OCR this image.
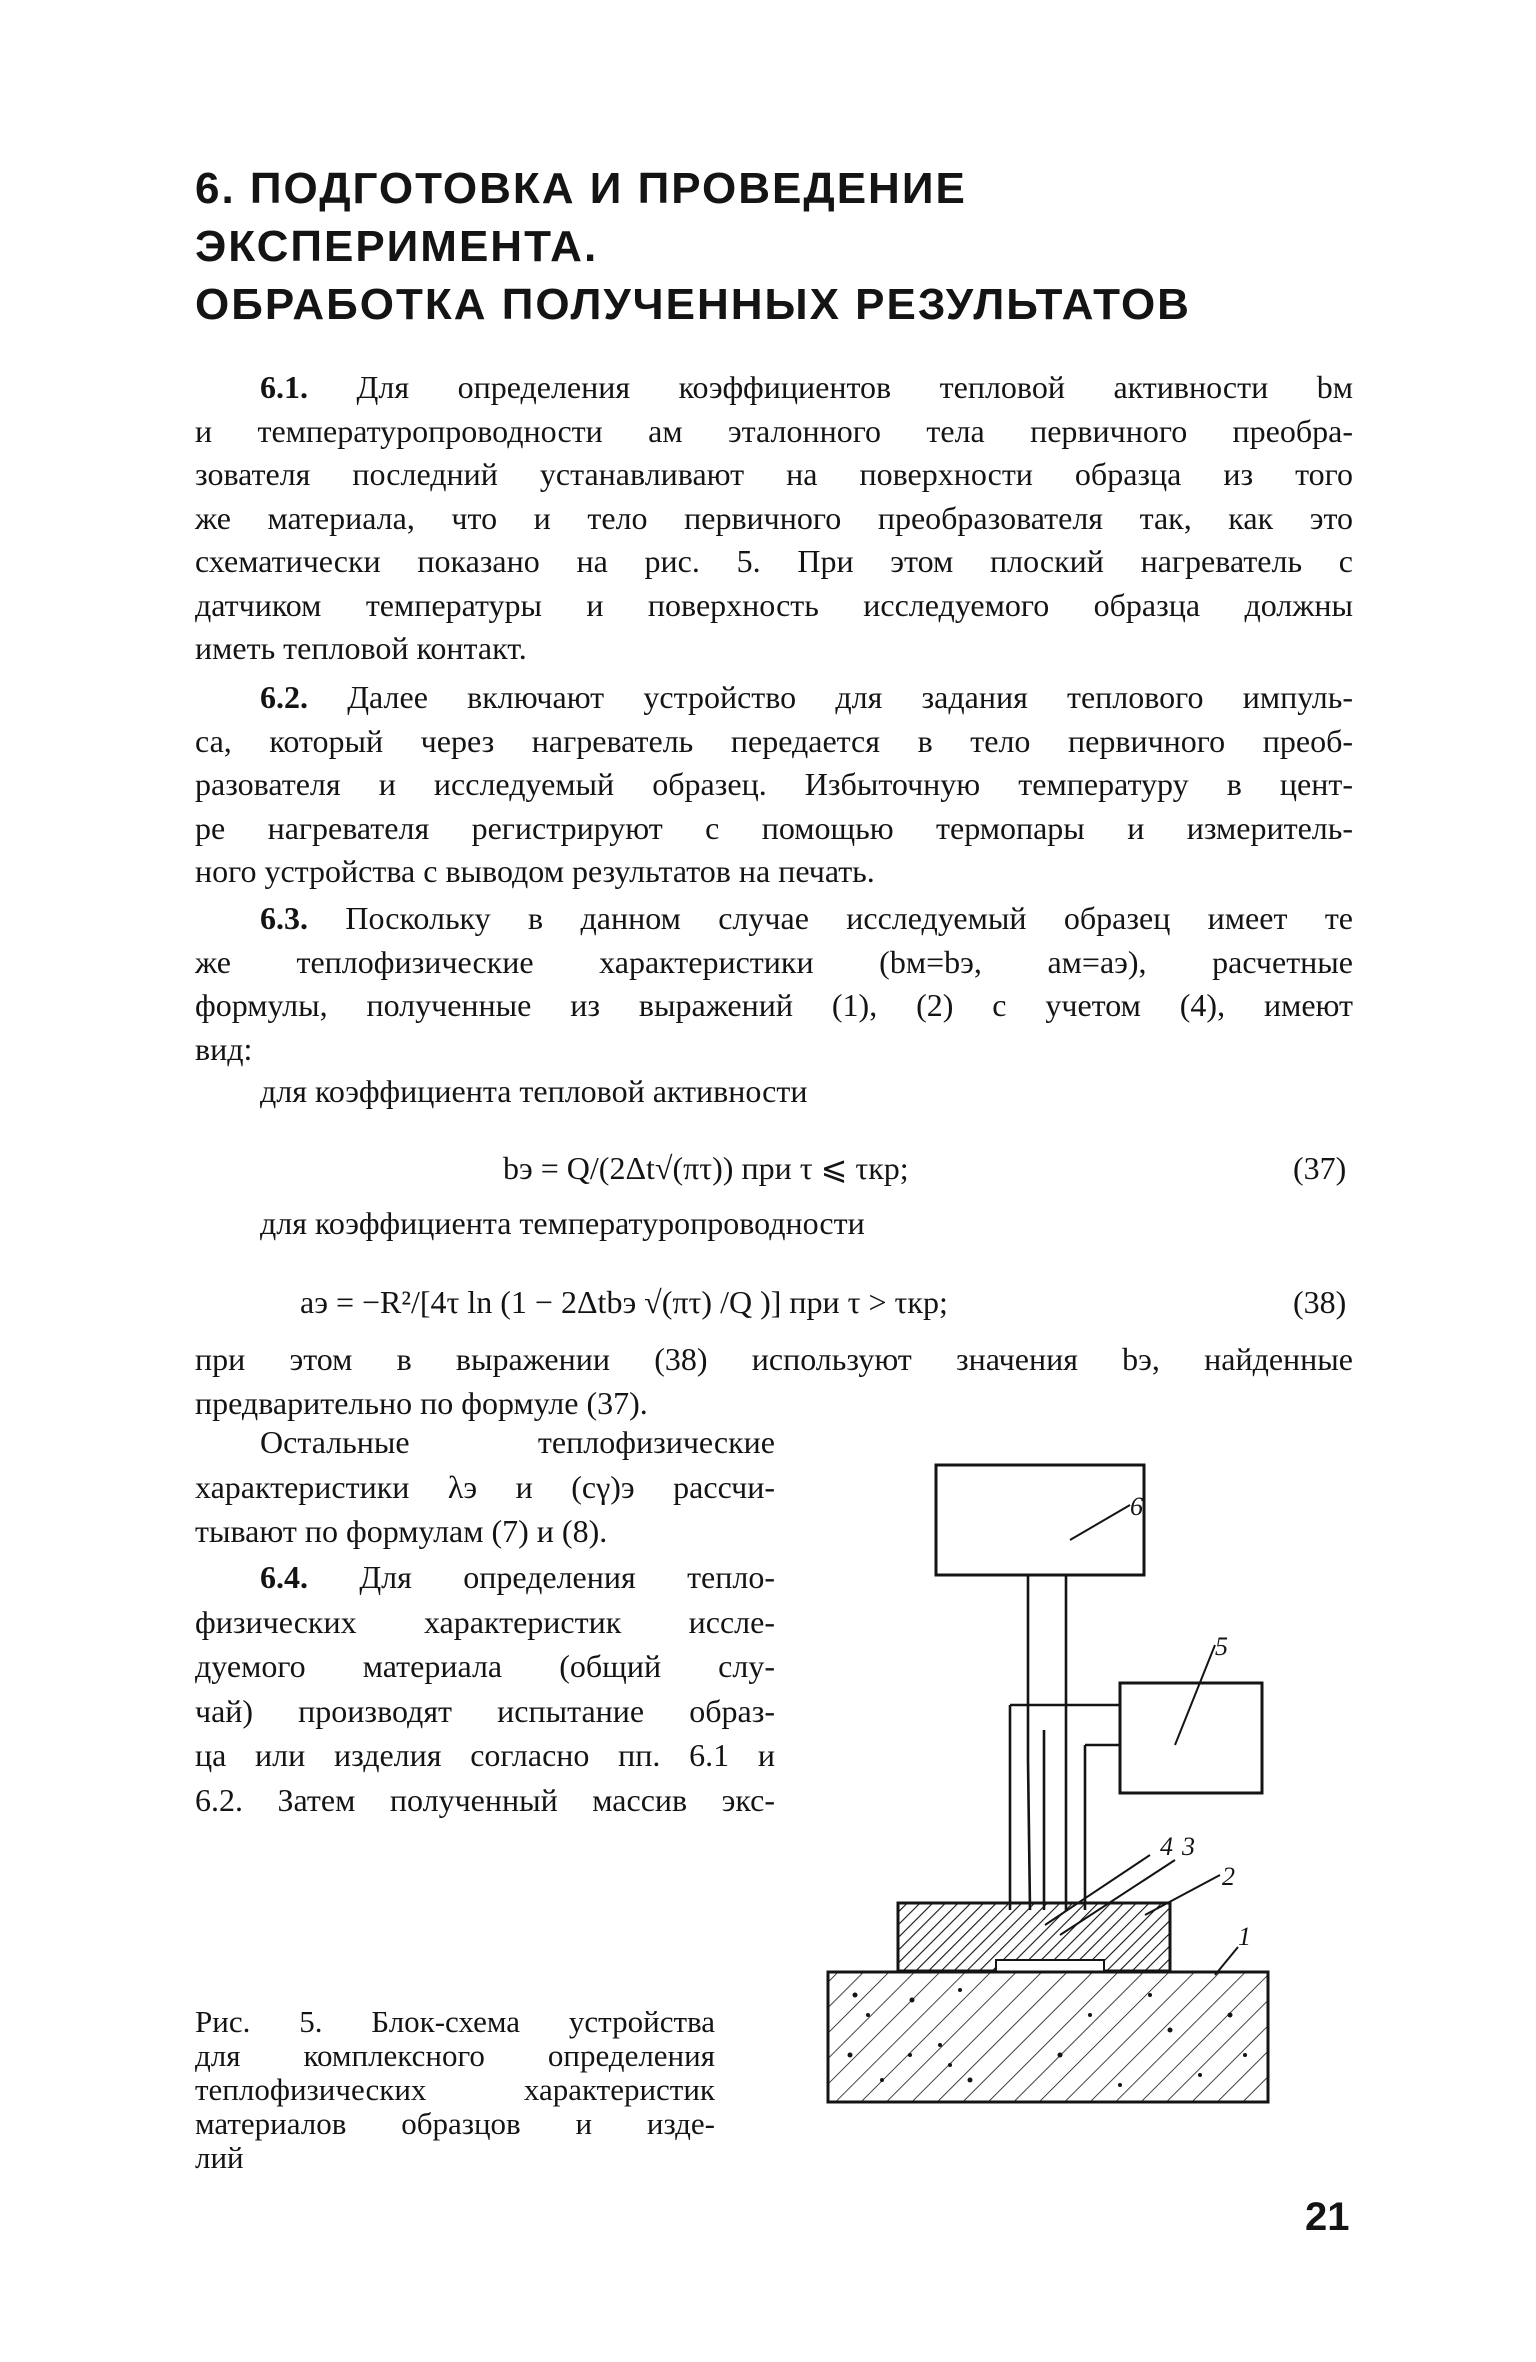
6. ПОДГОТОВКА И ПРОВЕДЕНИЕ
ЭКСПЕРИМЕНТА.
ОБРАБОТКА ПОЛУЧЕННЫХ РЕЗУЛЬТАТОВ
6.1. Для определения коэффициентов тепловой активности bм
и температуропроводности aм эталонного тела первичного преобра-
зователя последний устанавливают на поверхности образца из того
же материала, что и тело первичного преобразователя так, как это
схематически показано на рис. 5. При этом плоский нагреватель с
датчиком температуры и поверхность исследуемого образца должны
иметь тепловой контакт.
6.2. Далее включают устройство для задания теплового импуль-
са, который через нагреватель передается в тело первичного преоб-
разователя и исследуемый образец. Избыточную температуру в цент-
ре нагревателя регистрируют с помощью термопары и измеритель-
ного устройства с выводом результатов на печать.
6.3. Поскольку в данном случае исследуемый образец имеет те
же теплофизические характеристики (bм=bэ, aм=aэ), расчетные
формулы, полученные из выражений (1), (2) с учетом (4), имеют
вид:
для коэффициента тепловой активности
bэ = Q/(2Δt√(πτ)) при τ ⩽ τкр;	(37)
для коэффициента температуропроводности
aэ = −R²/[4τ ln (1 − 2Δtbэ √(πτ) /Q )] при τ > τкр;	(38)
при этом в выражении (38) используют значения bэ, найденные
предварительно по формуле (37).
Остальные теплофизические
характеристики λэ и (cγ)э рассчи-
тывают по формулам (7) и (8).
6.4. Для определения тепло-
физических характеристик иссле-
дуемого материала (общий слу-
чай) производят испытание образ-
ца или изделия согласно пп. 6.1 и
6.2. Затем полученный массив экс-
Рис. 5. Блок-схема устройства
для комплексного определения
теплофизических характеристик
материалов образцов и изде-
лий
6
5
4 3
2
1
21
